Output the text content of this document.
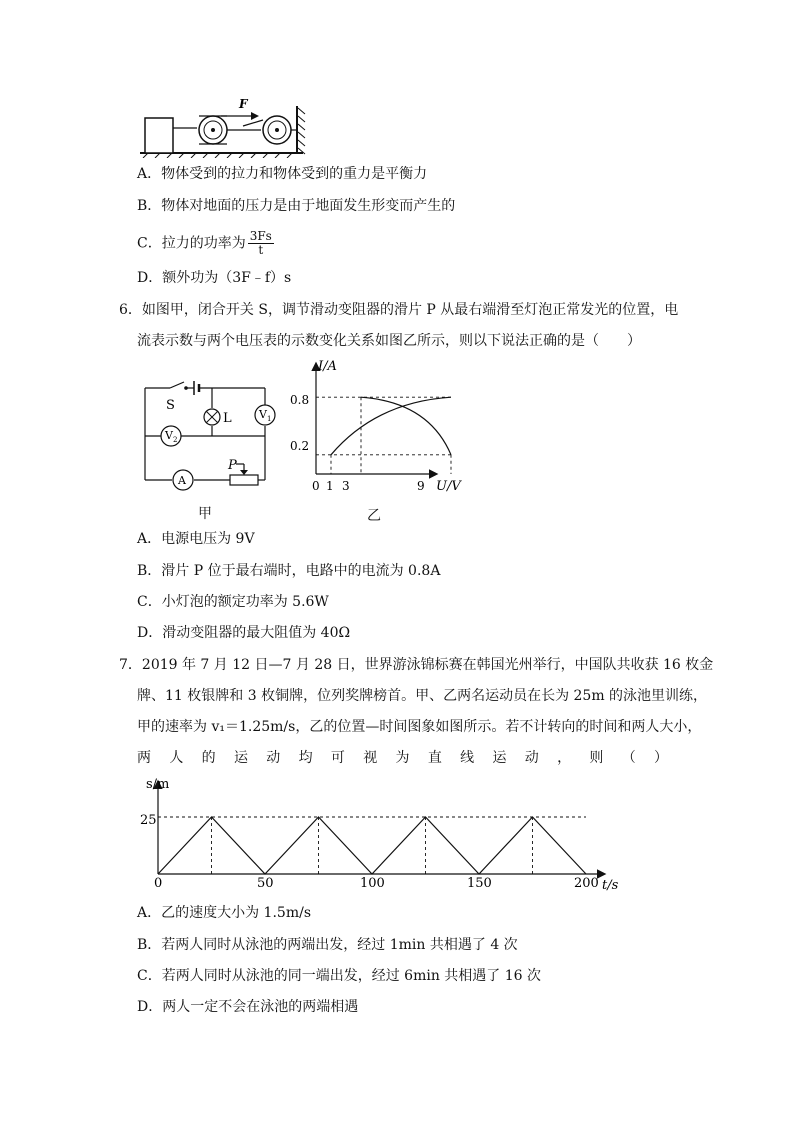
F
A．物体受到的拉力和物体受到的重力是平衡力
B．物体对地面的压力是由于地面发生形变而产生的
C．拉力的功率为 $\frac{3Fs}{t}$
D．额外功为（3F﹣f）s
6．如图甲，闭合开关 S，调节滑动变阻器的滑片 P 从最右端滑至灯泡正常发光的位置，电
流表示数与两个电压表的示数变化关系如图乙所示，则以下说法正确的是（　　）
S
L $V_1$
$V_2$
A
P
甲
I/A
U/V
0.8
0.2
0 1 3	9
乙
A．电源电压为 9V
B．滑片 P 位于最右端时，电路中的电流为 0.8A
C．小灯泡的额定功率为 5.6W
D．滑动变阻器的最大阻值为 40Ω
7．2019 年 7 月 12 日—7 月 28 日，世界游泳锦标赛在韩国光州举行，中国队共收获 16 枚金
牌、11 枚银牌和 3 枚铜牌，位列奖牌榜首。甲、乙两名运动员在长为 25m 的泳池里训练，
甲的速率为 v₁＝1.25m/s，乙的位置—时间图象如图所示。若不计转向的时间和两人大小，
两 人 的 运 动 均 可 视 为 直 线 运 动 ， 则 （ ）
s/m
t/s
25
0	50	100	150	200
A．乙的速度大小为 1.5m/s
B．若两人同时从泳池的两端出发，经过 1min 共相遇了 4 次
C．若两人同时从泳池的同一端出发，经过 6min 共相遇了 16 次
D．两人一定不会在泳池的两端相遇
